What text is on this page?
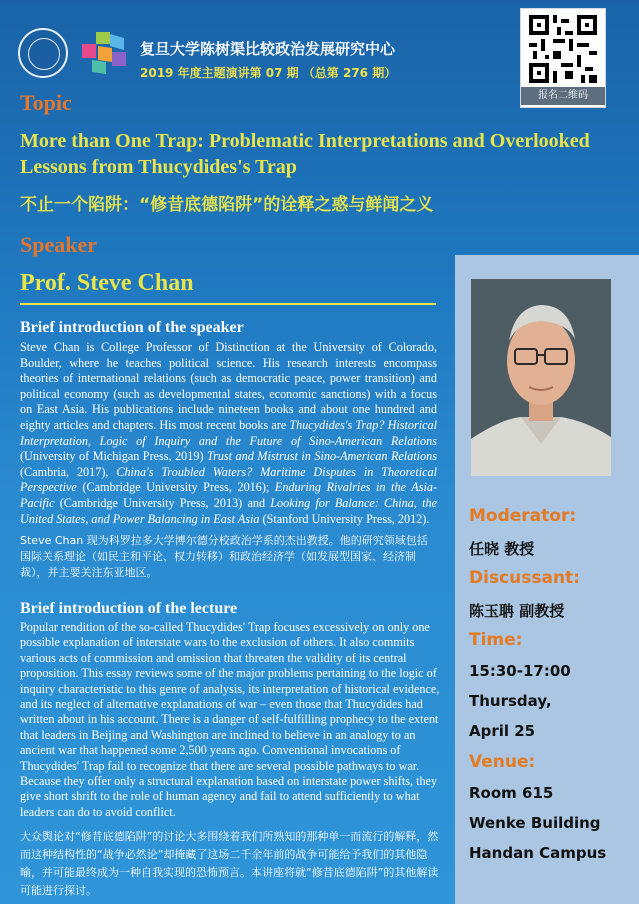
复旦大学陈树渠比较政治发展研究中心
2019 年度主题演讲第 07 期 （总第 276 期）
报名二维码
Topic
More than One Trap: Problematic Interpretations and Overlooked Lessons from Thucydides's Trap
不止一个陷阱：“修昔底德陷阱”的诠释之惑与鲜闻之义
Speaker
Prof. Steve Chan
Brief introduction of the speaker
Steve Chan is College Professor of Distinction at the University of Colorado, Boulder, where he teaches political science. His research interests encompass theories of international relations (such as democratic peace, power transition) and political economy (such as developmental states, economic sanctions) with a focus on East Asia. His publications include nineteen books and about one hundred and eighty articles and chapters. His most recent books are Thucydides's Trap? Historical Interpretation, Logic of Inquiry and the Future of Sino-American Relations (University of Michigan Press, 2019) Trust and Mistrust in Sino-American Relations (Cambria, 2017), China's Troubled Waters? Maritime Disputes in Theoretical Perspective (Cambridge University Press, 2016); Enduring Rivalries in the Asia-Pacific (Cambridge University Press, 2013) and Looking for Balance: China, the United States, and Power Balancing in East Asia (Stanford University Press, 2012).
Steve Chan 现为科罗拉多大学博尔德分校政治学系的杰出教授。他的研究领域包括国际关系理论（如民主和平论、权力转移）和政治经济学（如发展型国家、经济制裁），并主要关注东亚地区。
Brief introduction of the lecture
Popular rendition of the so-called Thucydides' Trap focuses excessively on only one possible explanation of interstate wars to the exclusion of others. It also commits various acts of commission and omission that threaten the validity of its central proposition. This essay reviews some of the major problems pertaining to the logic of inquiry characteristic to this genre of analysis, its interpretation of historical evidence, and its neglect of alternative explanations of war – even those that Thucydides had written about in his account. There is a danger of self-fulfilling prophecy to the extent that leaders in Beijing and Washington are inclined to believe in an analogy to an ancient war that happened some 2,500 years ago. Conventional invocations of Thucydides' Trap fail to recognize that there are several possible pathways to war. Because they offer only a structural explanation based on interstate power shifts, they give short shrift to the role of human agency and fail to attend sufficiently to what leaders can do to avoid conflict.
大众舆论对“修昔底德陷阱”的讨论大多围绕着我们所熟知的那种单一而流行的解释，然而这种结构性的“战争必然论”却掩藏了这场二千余年前的战争可能给予我们的其他隐喻，并可能最终成为一种自我实现的恐怖预言。本讲座将就“修昔底德陷阱”的其他解读可能进行探讨。
Moderator:
任晓 教授
Discussant:
陈玉聃 副教授
Time:
15:30-17:00
Thursday,
April 25
Venue:
Room 615
Wenke Building
Handan Campus
